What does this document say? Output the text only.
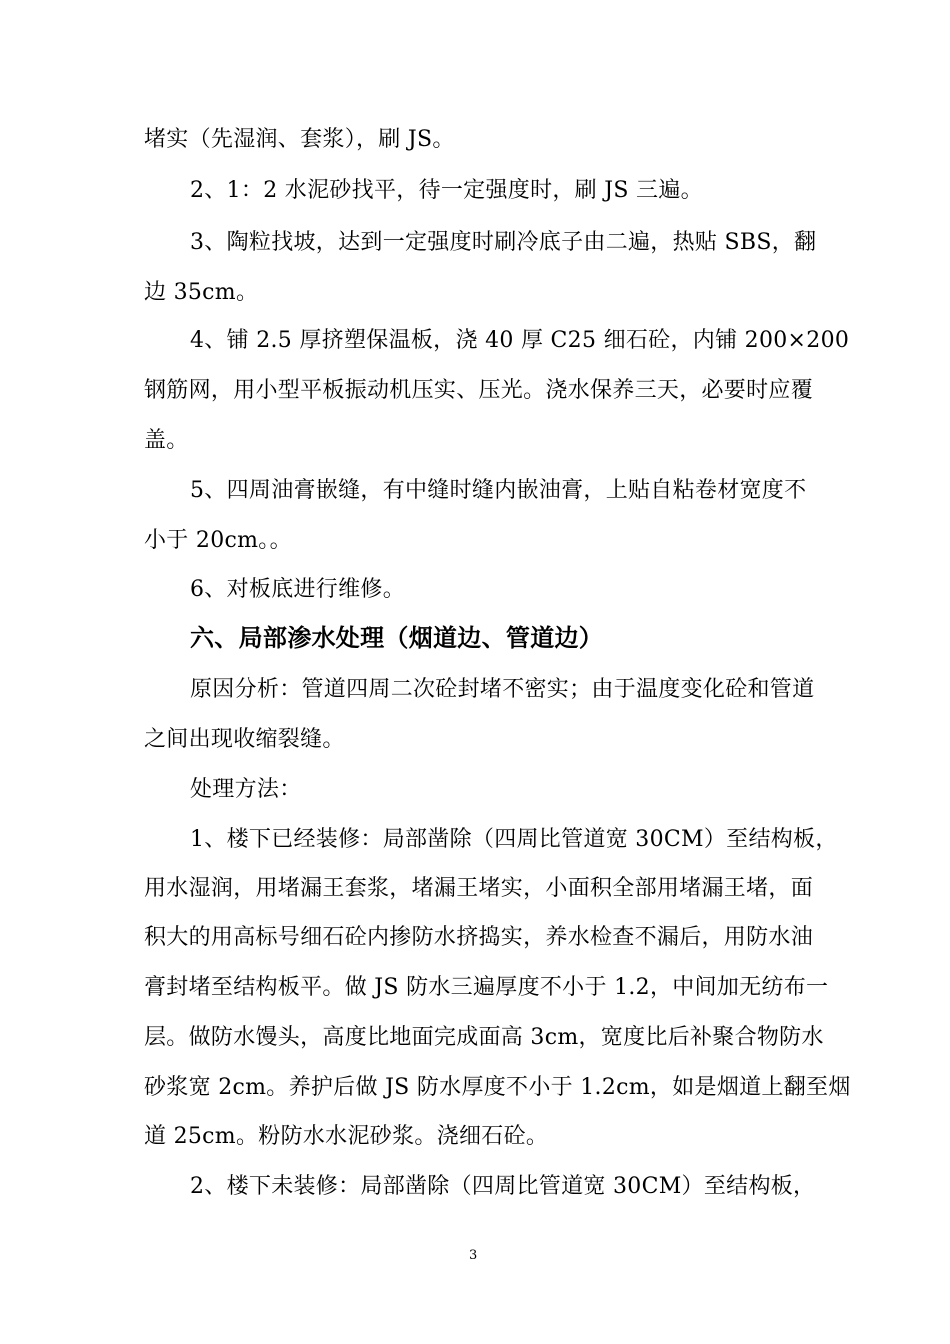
堵实（先湿润、套浆），刷 JS。
2、1：2 水泥砂找平，待一定强度时，刷 JS 三遍。
3、陶粒找坡，达到一定强度时刷冷底子由二遍，热贴 SBS，翻
边 35cm。
4、铺 2.5 厚挤塑保温板，浇 40 厚 C25 细石砼，内铺 200×200
钢筋网，用小型平板振动机压实、压光。浇水保养三天，必要时应覆
盖。
5、四周油膏嵌缝，有中缝时缝内嵌油膏，上贴自粘卷材宽度不
小于 20cm。。
6、对板底进行维修。
六、局部渗水处理（烟道边、管道边）
原因分析：管道四周二次砼封堵不密实；由于温度变化砼和管道
之间出现收缩裂缝。
处理方法：
1、楼下已经装修：局部凿除（四周比管道宽 30CM）至结构板，
用水湿润，用堵漏王套浆，堵漏王堵实，小面积全部用堵漏王堵，面
积大的用高标号细石砼内掺防水挤捣实，养水检查不漏后，用防水油
膏封堵至结构板平。做 JS 防水三遍厚度不小于 1.2，中间加无纺布一
层。做防水馒头，高度比地面完成面高 3cm，宽度比后补聚合物防水
砂浆宽 2cm。养护后做 JS 防水厚度不小于 1.2cm，如是烟道上翻至烟
道 25cm。粉防水水泥砂浆。浇细石砼。
2、楼下未装修：局部凿除（四周比管道宽 30CM）至结构板，
3
